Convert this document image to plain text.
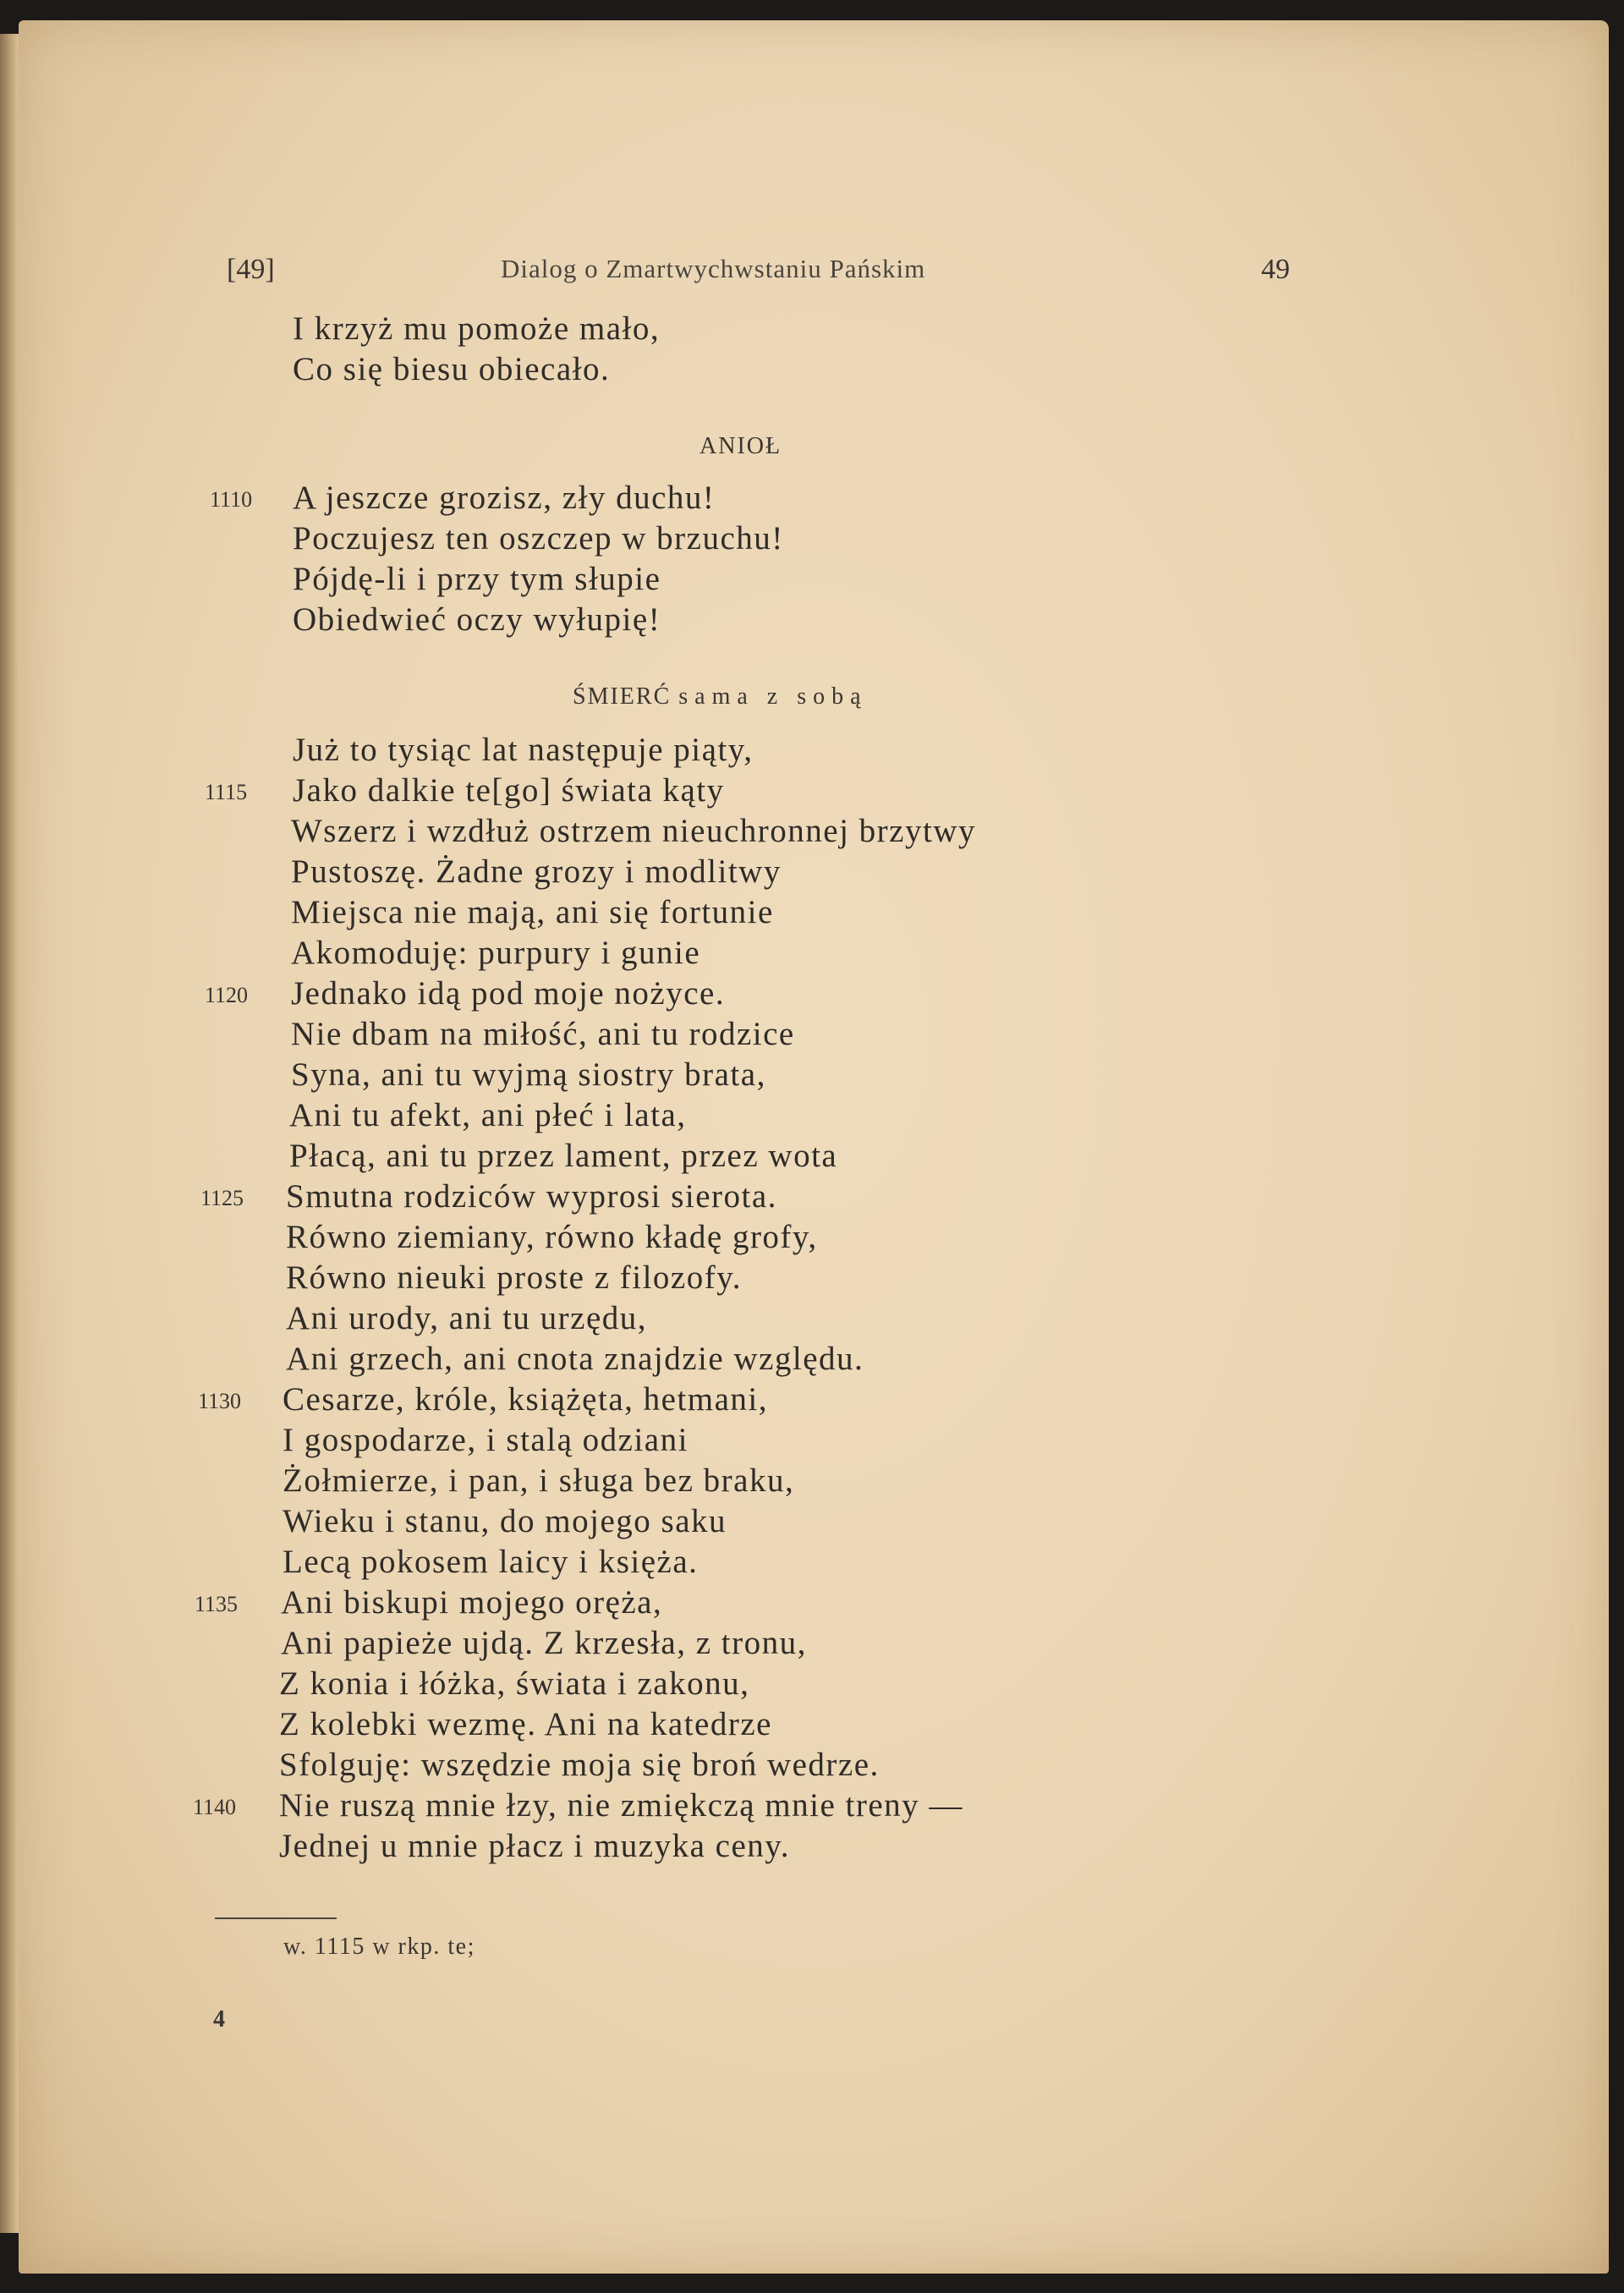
[49]	Dialog o Zmartwychwstaniu Pańskim	49
I krzyż mu pomoże mało,
Co się biesu obiecało.
ANIOŁ
1110 A jeszcze grozisz, zły duchu!
Poczujesz ten oszczep w brzuchu!
Pójdę-li i przy tym słupie
Obiedwieć oczy wyłupię!
ŚMIERĆ sama z sobą
Już to tysiąc lat następuje piąty,
1115 Jako dalkie te[go] świata kąty
Wszerz i wzdłuż ostrzem nieuchronnej brzytwy
Pustoszę. Żadne grozy i modlitwy
Miejsca nie mają, ani się fortunie
Akomoduję: purpury i gunie
1120 Jednako idą pod moje nożyce.
Nie dbam na miłość, ani tu rodzice
Syna, ani tu wyjmą siostry brata,
Ani tu afekt, ani płeć i lata,
Płacą, ani tu przez lament, przez wota
1125 Smutna rodziców wyprosi sierota.
Równo ziemiany, równo kładę grofy,
Równo nieuki proste z filozofy.
Ani urody, ani tu urzędu,
Ani grzech, ani cnota znajdzie względu.
1130 Cesarze, króle, książęta, hetmani,
I gospodarze, i stalą odziani
Żołmierze, i pan, i sługa bez braku,
Wieku i stanu, do mojego saku
Lecą pokosem laicy i księża.
1135 Ani biskupi mojego oręża,
Ani papieże ujdą. Z krzesła, z tronu,
Z konia i łóżka, świata i zakonu,
Z kolebki wezmę. Ani na katedrze
Sfolguję: wszędzie moja się broń wedrze.
1140 Nie ruszą mnie łzy, nie zmiękczą mnie treny —
Jednej u mnie płacz i muzyka ceny.
w. 1115 w rkp. te;
4
